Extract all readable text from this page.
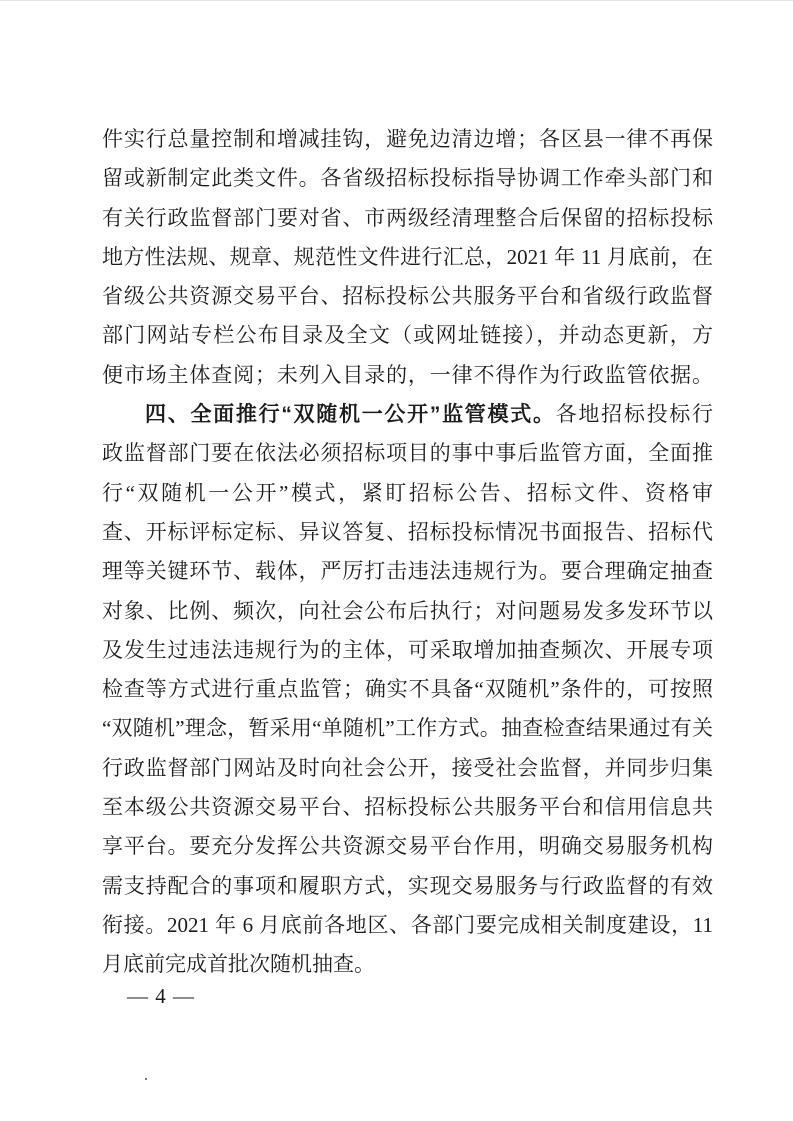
件实行总量控制和增减挂钩，避免边清边增；各区县一律不再保
留或新制定此类文件。各省级招标投标指导协调工作牵头部门和
有关行政监督部门要对省、市两级经清理整合后保留的招标投标
地方性法规、规章、规范性文件进行汇总，2021 年 11 月底前，在
省级公共资源交易平台、招标投标公共服务平台和省级行政监督
部门网站专栏公布目录及全文（或网址链接），并动态更新，方
便市场主体查阅；未列入目录的，一律不得作为行政监管依据。
四、全面推行“双随机一公开”监管模式。各地招标投标行
政监督部门要在依法必须招标项目的事中事后监管方面，全面推
行“双随机一公开”模式，紧盯招标公告、招标文件、资格审
查、开标评标定标、异议答复、招标投标情况书面报告、招标代
理等关键环节、载体，严厉打击违法违规行为。要合理确定抽查
对象、比例、频次，向社会公布后执行；对问题易发多发环节以
及发生过违法违规行为的主体，可采取增加抽查频次、开展专项
检查等方式进行重点监管；确实不具备“双随机”条件的，可按照
“双随机”理念，暂采用“单随机”工作方式。抽查检查结果通过有关
行政监督部门网站及时向社会公开，接受社会监督，并同步归集
至本级公共资源交易平台、招标投标公共服务平台和信用信息共
享平台。要充分发挥公共资源交易平台作用，明确交易服务机构
需支持配合的事项和履职方式，实现交易服务与行政监督的有效
衔接。2021 年 6 月底前各地区、各部门要完成相关制度建设，11
月底前完成首批次随机抽查。
— 4 —
